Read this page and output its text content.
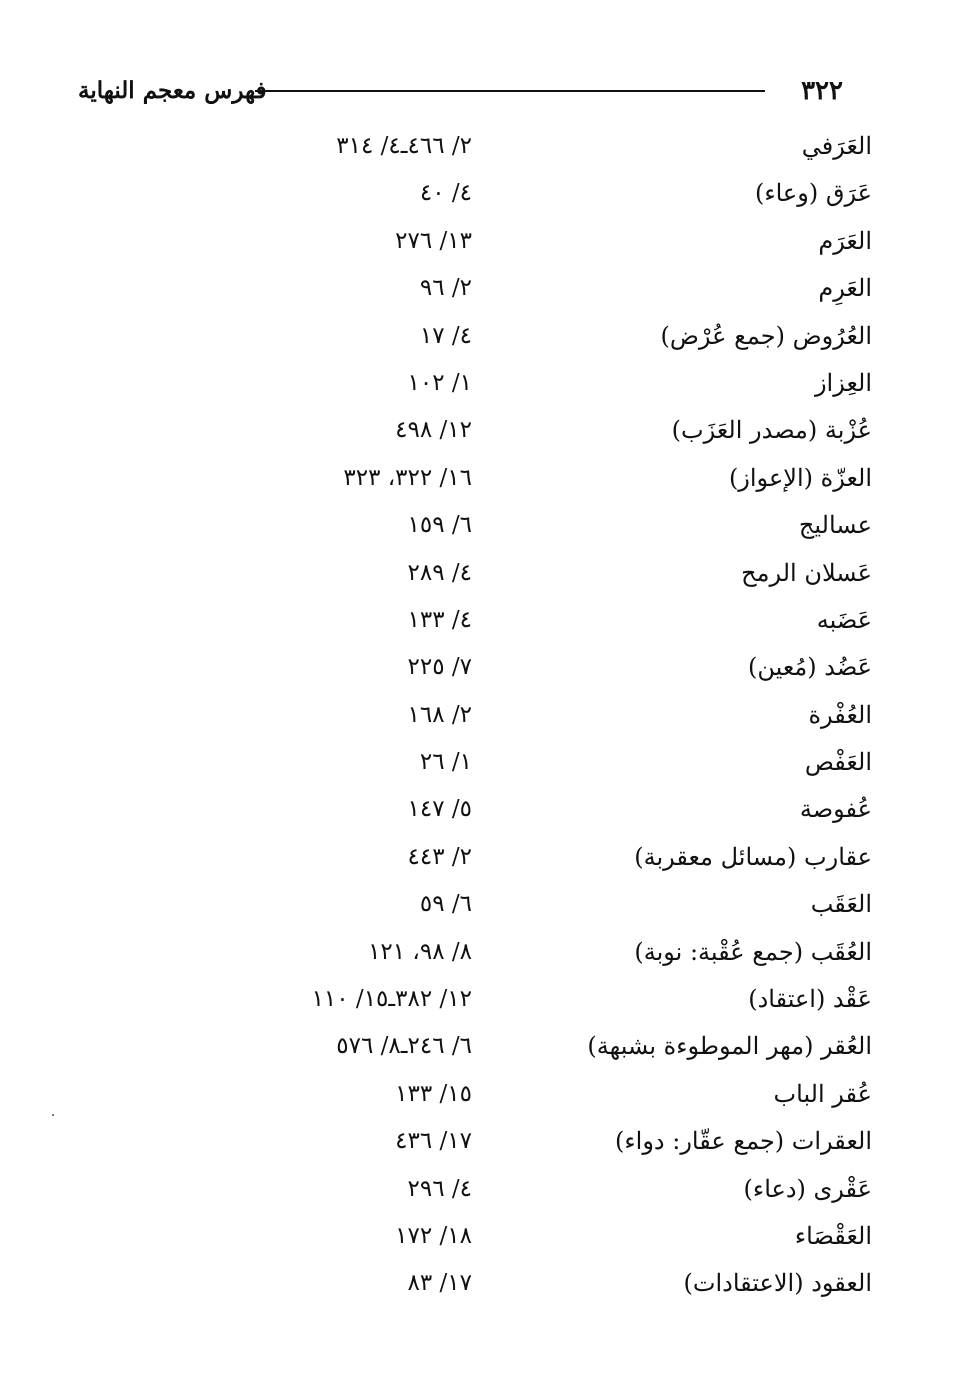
٣٢٢
فهرس معجم النهاية
العَرَفي
٢/ ٤٦٦ـ٤/ ٣١٤
عَرَق (وعاء)
٤/ ٤٠
العَرَم
١٣/ ٢٧٦
العَرِم
٢/ ٩٦
العُرُوض (جمع عُرْض)
٤/ ١٧
العِزاز
١/ ١٠٢
عُزْبة (مصدر العَزَب)
١٢/ ٤٩٨
العزّة (الإعواز)
١٦/ ٣٢٢، ٣٢٣
عساليج
٦/ ١٥٩
عَسلان الرمح
٤/ ٢٨٩
عَضَبه
٤/ ١٣٣
عَضُد (مُعين)
٧/ ٢٢٥
العُفْرة
٢/ ١٦٨
العَفْص
١/ ٢٦
عُفوصة
٥/ ١٤٧
عقارب (مسائل معقربة)
٢/ ٤٤٣
العَقَب
٦/ ٥٩
العُقَب (جمع عُقْبة: نوبة)
٨/ ٩٨، ١٢١
عَقْد (اعتقاد)
١٢/ ٣٨٢ـ١٥/ ١١٠
العُقر (مهر الموطوءة بشبهة)
٦/ ٢٤٦ـ٨/ ٥٧٦
عُقر الباب
١٥/ ١٣٣
العقرات (جمع عقّار: دواء)
١٧/ ٤٣٦
عَقْرى (دعاء)
٤/ ٢٩٦
العَقْصَاء
١٨/ ١٧٢
العقود (الاعتقادات)
١٧/ ٨٣
